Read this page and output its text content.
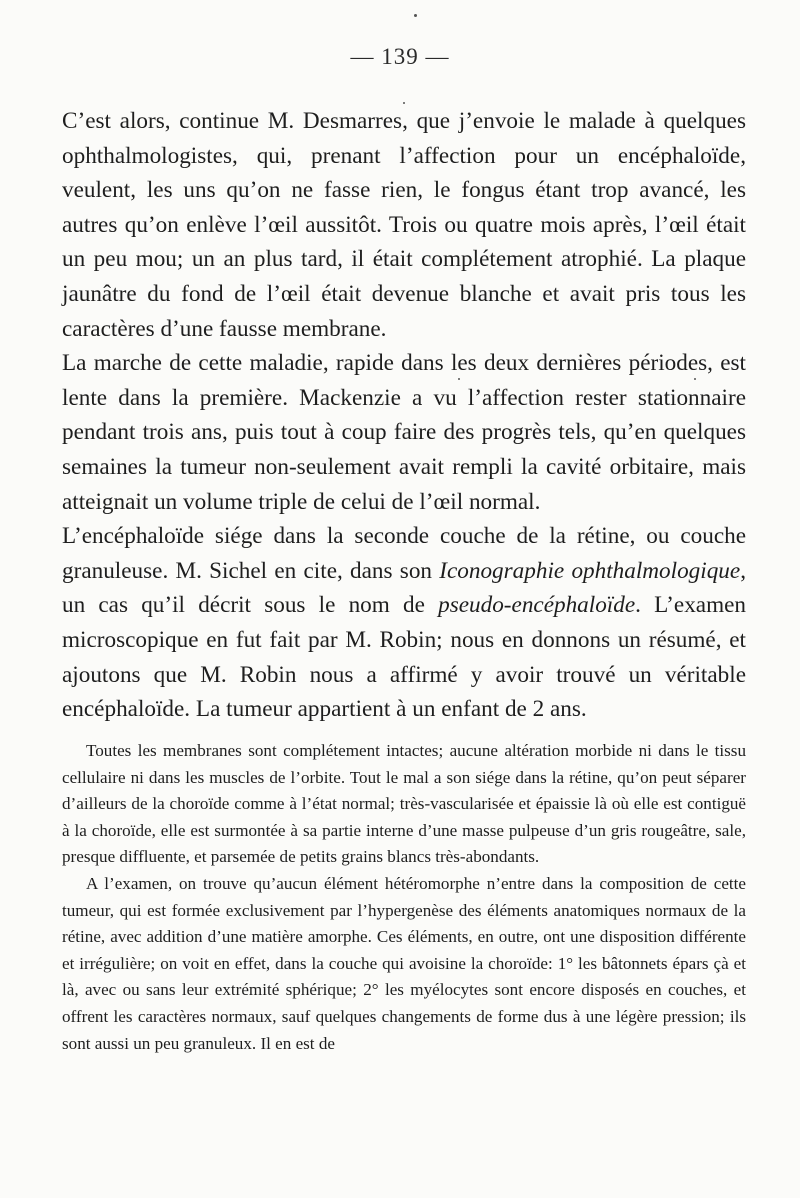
— 139 —

C’est alors, continue M. Desmarres, que j’envoie le malade à quelques ophthalmologistes, qui, prenant l’affection pour un encéphaloïde, veulent, les uns qu’on ne fasse rien, le fongus étant trop avancé, les autres qu’on enlève l’œil aussitôt. Trois ou quatre mois après, l’œil était un peu mou; un an plus tard, il était complétement atrophié. La plaque jaunâtre du fond de l’œil était devenue blanche et avait pris tous les caractères d’une fausse membrane.

La marche de cette maladie, rapide dans les deux dernières périodes, est lente dans la première. Mackenzie a vu l’affection rester stationnaire pendant trois ans, puis tout à coup faire des progrès tels, qu’en quelques semaines la tumeur non-seulement avait rempli la cavité orbitaire, mais atteignait un volume triple de celui de l’œil normal.

L’encéphaloïde siége dans la seconde couche de la rétine, ou couche granuleuse. M. Sichel en cite, dans son Iconographie ophthalmologique, un cas qu’il décrit sous le nom de pseudo-encéphaloïde. L’examen microscopique en fut fait par M. Robin; nous en donnons un résumé, et ajoutons que M. Robin nous a affirmé y avoir trouvé un véritable encéphaloïde. La tumeur appartient à un enfant de 2 ans.

Toutes les membranes sont complétement intactes; aucune altération morbide ni dans le tissu cellulaire ni dans les muscles de l’orbite. Tout le mal a son siége dans la rétine, qu’on peut séparer d’ailleurs de la choroïde comme à l’état normal; très-vascularisée et épaissie là où elle est contiguë à la choroïde, elle est surmontée à sa partie interne d’une masse pulpeuse d’un gris rougeâtre, sale, presque diffluente, et parsemée de petits grains blancs très-abondants.

A l’examen, on trouve qu’aucun élément hétéromorphe n’entre dans la composition de cette tumeur, qui est formée exclusivement par l’hypergenèse des éléments anatomiques normaux de la rétine, avec addition d’une matière amorphe. Ces éléments, en outre, ont une disposition différente et irrégulière; on voit en effet, dans la couche qui avoisine la choroïde: 1° les bâtonnets épars çà et là, avec ou sans leur extrémité sphérique; 2° les myélocytes sont encore disposés en couches, et offrent les caractères normaux, sauf quelques changements de forme dus à une légère pression; ils sont aussi un peu granuleux. Il en est de
